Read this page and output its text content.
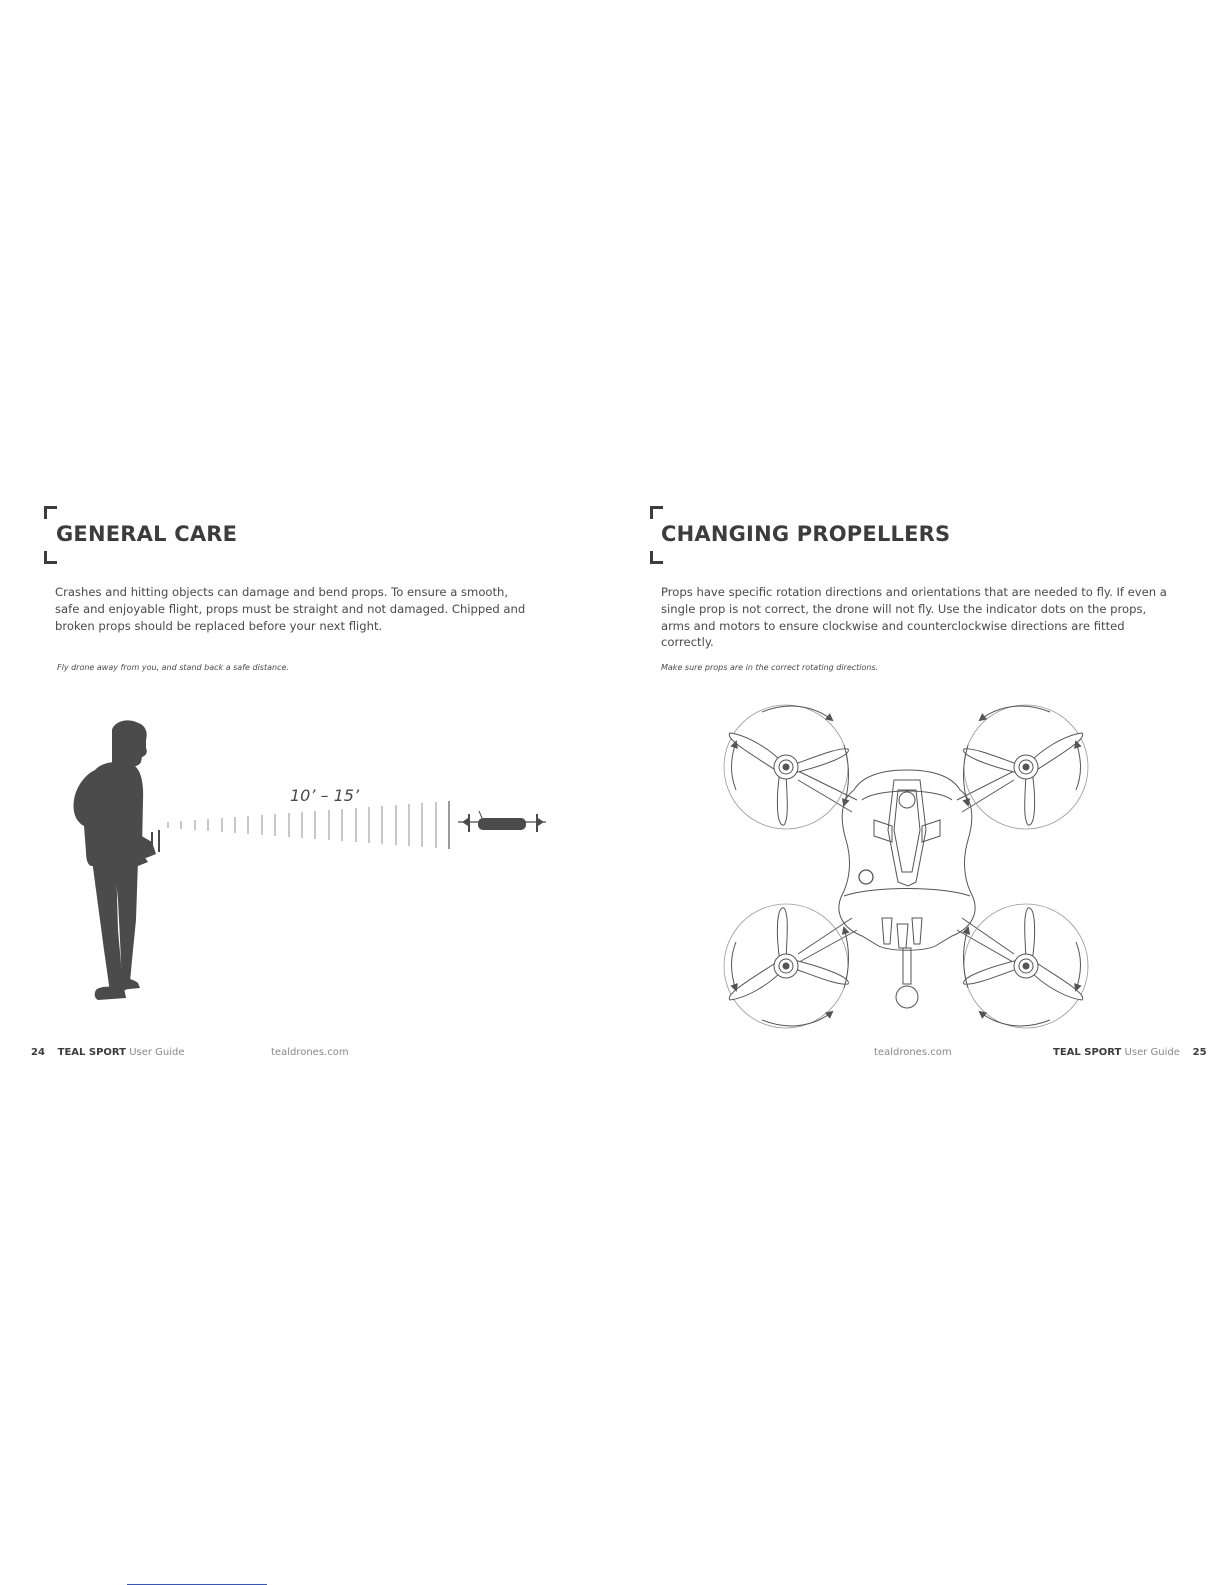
GENERAL CARE

Crashes and hitting objects can damage and bend props. To ensure a smooth, safe and enjoyable flight, props must be straight and not damaged. Chipped and broken props should be replaced before your next flight.

Fly drone away from you, and stand back a safe distance.

10’ – 15’
24 TEAL SPORT User Guide	tealdrones.com
CHANGING PROPELLERS

Props have specific rotation directions and orientations that are needed to fly. If even a single prop is not correct, the drone will not fly. Use the indicator dots on the props, arms and motors to ensure clockwise and counterclockwise directions are fitted correctly.

Make sure props are in the correct rotating directions.

tealdrones.com	TEAL SPORT User Guide 25
